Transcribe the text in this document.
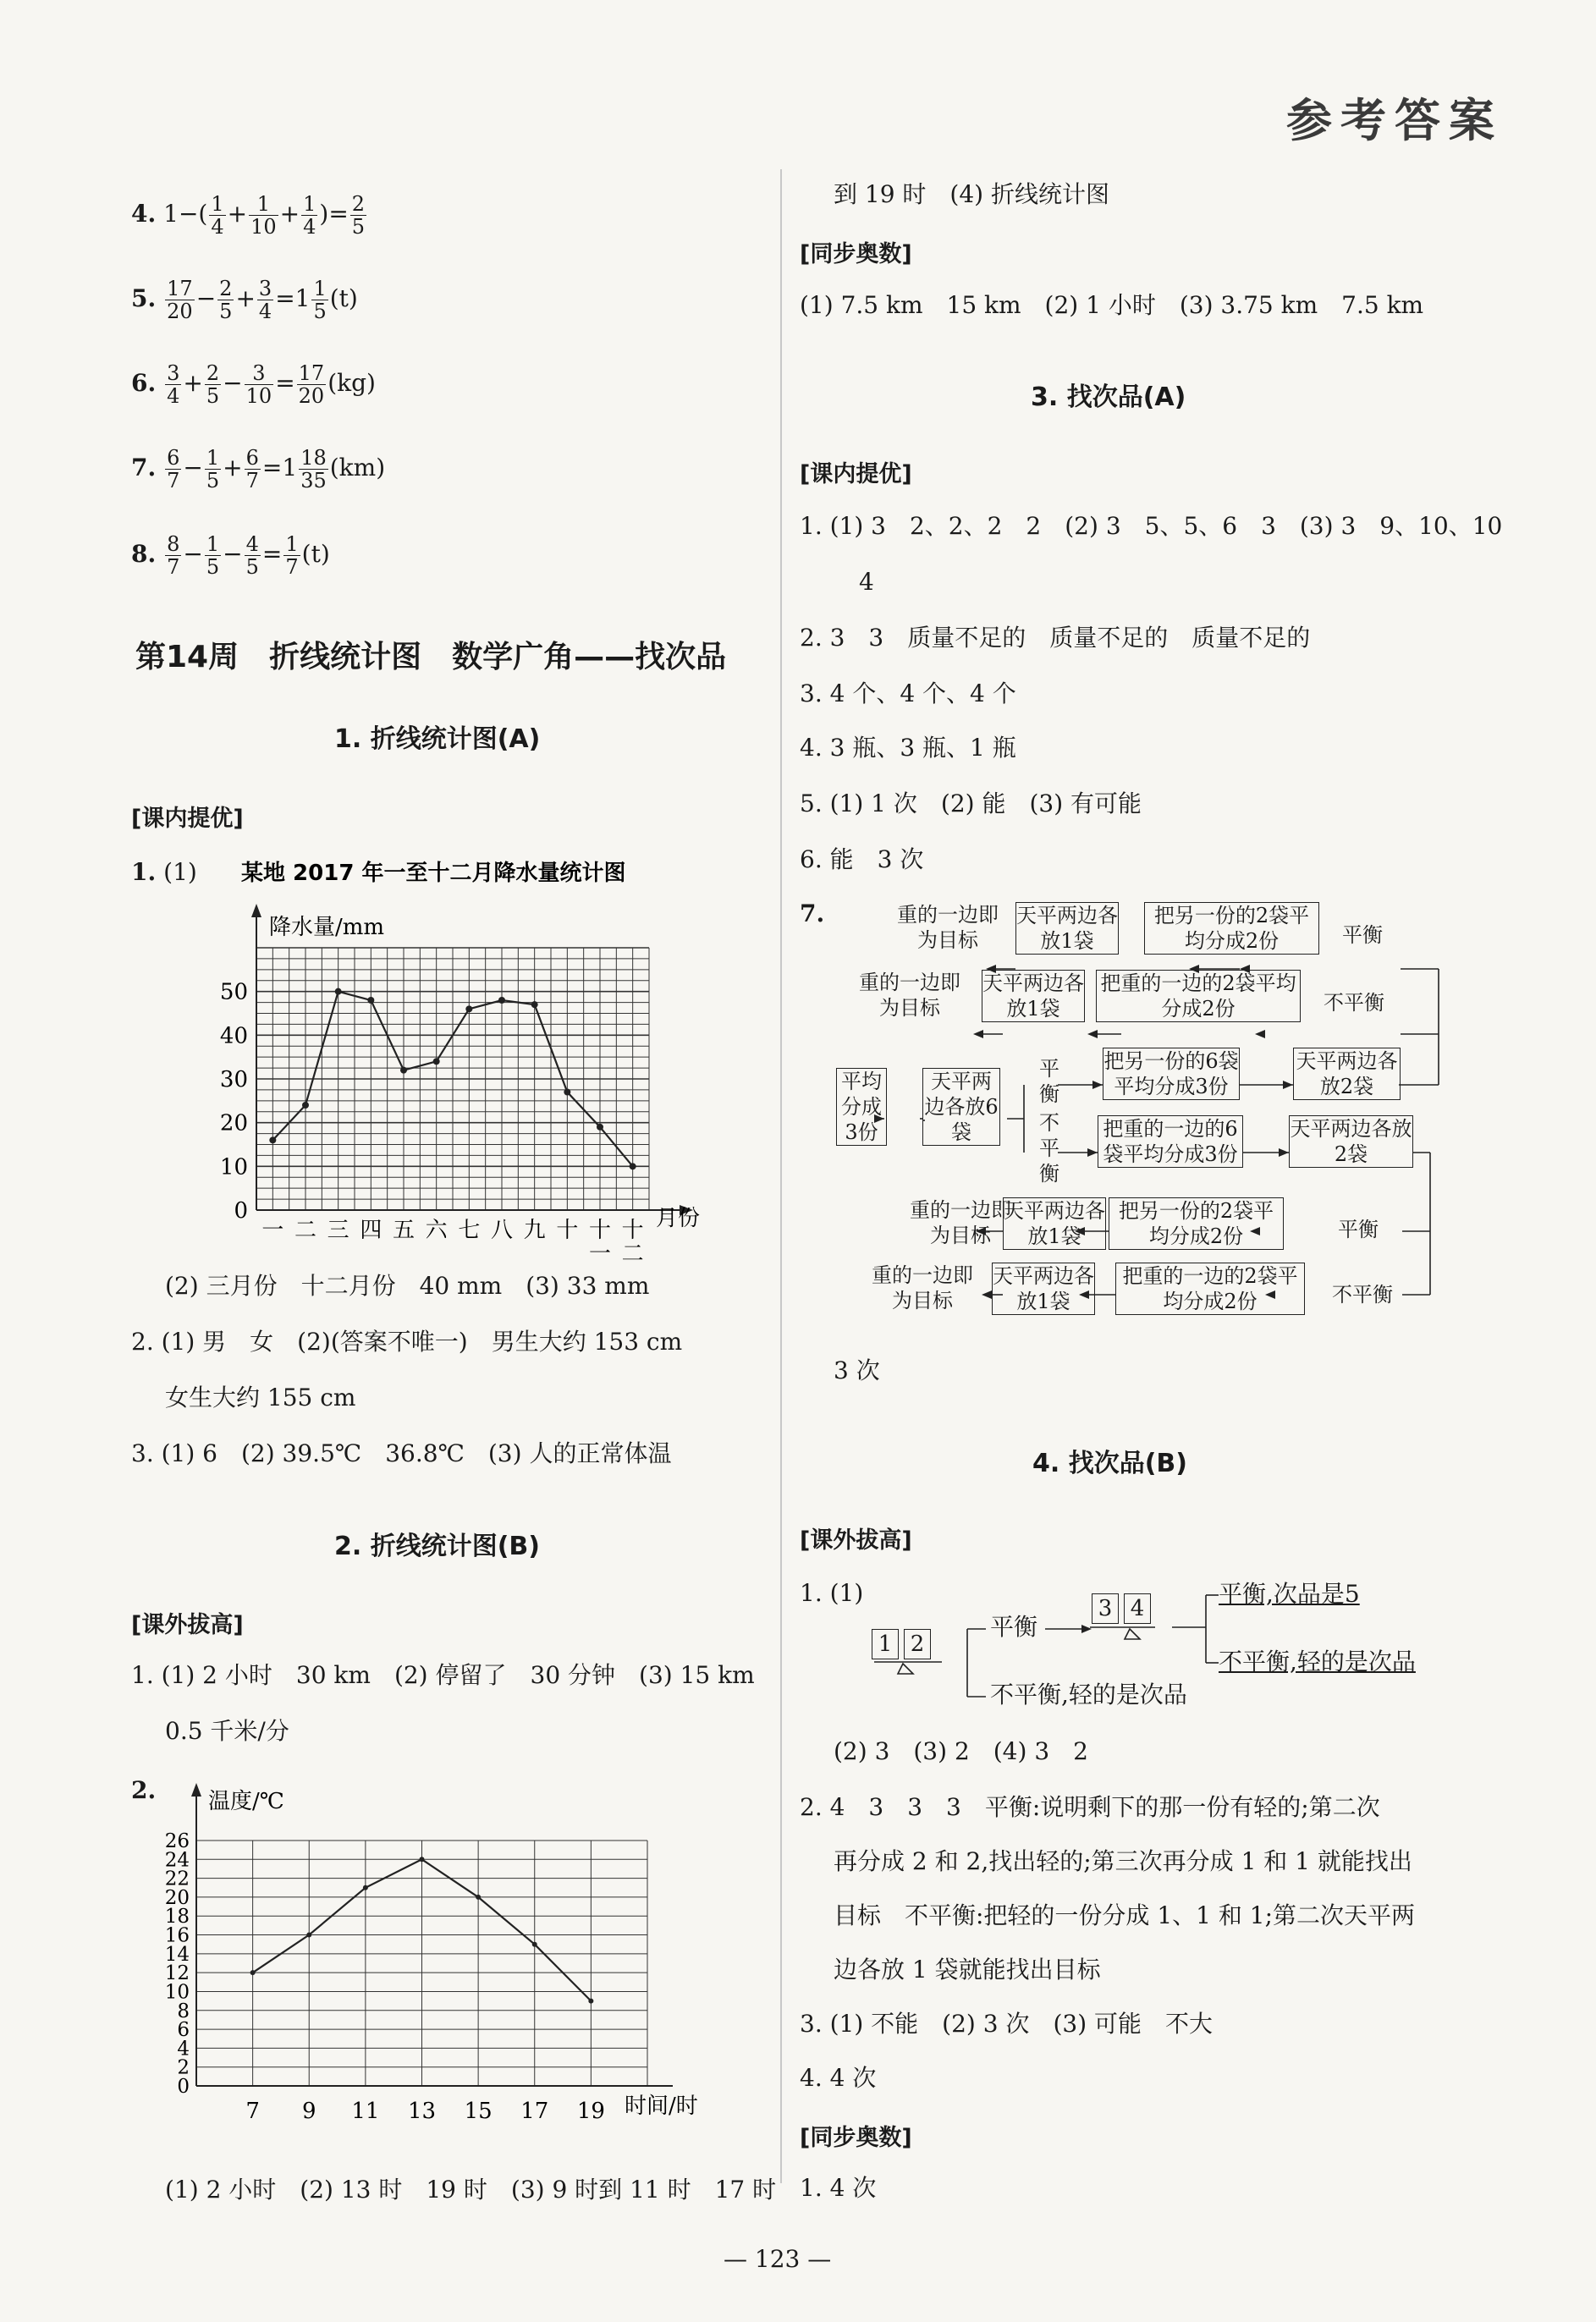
参考答案
4. $1-( \frac{1}{4} + \frac{1}{10} + \frac{1}{4}$ )= $\frac{2}{5}$
5. $\frac{17}{20} - \frac{2}{5} + \frac{3}{4} =1 \frac{1}{5} (t)$
6. $\frac{3}{4} + \frac{2}{5} - \frac{3}{10} = \frac{17}{20} (kg)$
7. $\frac{6}{7} - \frac{1}{5} + \frac{6}{7} =1 \frac{18}{35} (km)$
8. $\frac{8}{7} - \frac{1}{5} - \frac{4}{5} = \frac{1}{7} (t)$
第14周　折线统计图　数学广角——找次品
1. 折线统计图(A)
[课内提优]
1. (1) 某地 2017 年一至十二月降水量统计图
降水量/mm
月份
0
10
20
30
40
50
一 二 三 四 五 六 七 八 九 十 十一
十二
(2) 三月份　十二月份　40 mm　(3) 33 mm
2. (1) 男　女　(2)(答案不唯一)　男生大约 153 cm
女生大约 155 cm
3. (1) 6　(2) 39.5℃　36.8℃　(3) 人的正常体温
2. 折线统计图(B)
[课外拔高]
1. (1) 2 小时　30 km　(2) 停留了　30 分钟　(3) 15 km
0.5 千米/分
2. 温度/℃
时间/时
0
2
4
6
8
10
12
14
16
18
20
22
24
26
7 9 11 13 15 17 19
(1) 2 小时　(2) 13 时　19 时　(3) 9 时到 11 时　17 时
到 19 时　(4) 折线统计图
[同步奥数]
(1) 7.5 km　15 km　(2) 1 小时　(3) 3.75 km　7.5 km
3. 找次品(A)
[课内提优]
1. (1) 3　2、2、2　2　(2) 3　5、5、6　3　(3) 3　9、10、10
4
2. 3　3　质量不足的　质量不足的　质量不足的
3. 4 个、4 个、4 个
4. 3 瓶、3 瓶、1 瓶
5. (1) 1 次　(2) 能　(3) 有可能
6. 能　3 次
7.	重的一边即为目标
天平两边各放1袋
把另一份的2袋平均分成2份	平衡
重的一边即为目标
天平两边各放1袋
把重的一边的2袋平均分成2份	不平衡
平均分成3份
天平两边各放6袋
平衡
不平衡
把另一份的6袋平均分成3份
把重的一边的6袋平均分成3份
天平两边各放2袋
天平两边各放2袋
重的一边即为目标
天平两边各放1袋
把另一份的2袋平均分成2份	平衡
重的一边即为目标
天平两边各放1袋
把重的一边的2袋平均分成2份	不平衡
3 次
4. 找次品(B)
[课外拔高]
1. (1)
1 2
3 4
平衡
不平衡,轻的是次品
平衡,次品是5
不平衡,轻的是次品
(2) 3　(3) 2　(4) 3　2
2. 4　3　3　3　平衡:说明剩下的那一份有轻的;第二次
再分成 2 和 2,找出轻的;第三次再分成 1 和 1 就能找出
目标　不平衡:把轻的一份分成 1、1 和 1;第二次天平两
边各放 1 袋就能找出目标
3. (1) 不能　(2) 3 次　(3) 可能　不大
4. 4 次
[同步奥数]
1. 4 次
— 123 —
